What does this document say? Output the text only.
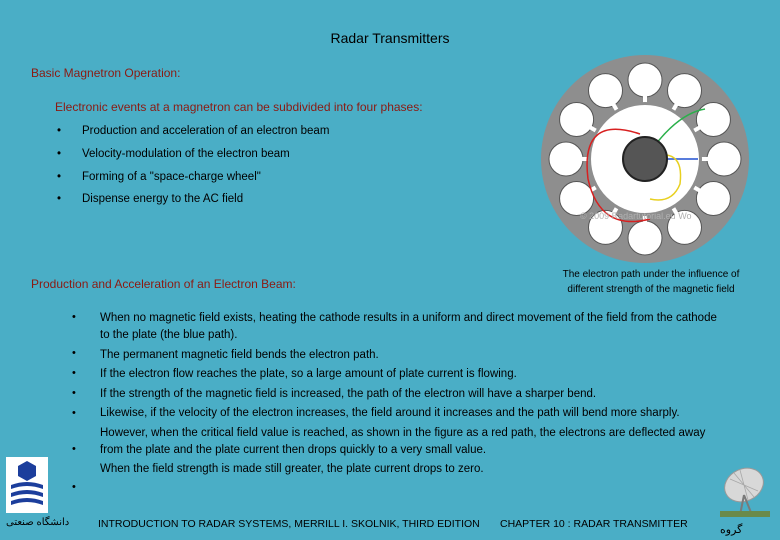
Radar Transmitters
Basic Magnetron Operation:
Electronic events at a magnetron can be subdivided into four phases:
•	Production and acceleration of an electron beam
•	Velocity-modulation of the electron beam
•	Forming of a "space-charge wheel"
•	Dispense energy to the AC field
© 2009 Radartutorial.eu Wo
The electron path under the influence of different strength of the magnetic field
Production and Acceleration of an Electron Beam:
•
•
•
•
•
•
•

When no magnetic field exists, heating the cathode results in a uniform and direct movement of the field from the cathode to the plate (the blue path).

The permanent magnetic field bends the electron path.

If the electron flow reaches the plate, so a large amount of plate current is flowing.

If the strength of the magnetic field is increased, the path of the electron will have a sharper bend.

Likewise, if the velocity of the electron increases, the field around it increases and the path will bend more sharply.

However, when the critical field value is reached, as shown in the figure as a red path, the electrons are deflected away from the plate and the plate current then drops quickly to a very small value.

When the field strength is made still greater, the plate current drops to zero.

دانشگاه صنعتی	INTRODUCTION TO RADAR SYSTEMS, MERRILL I. SKOLNIK, THIRD EDITION CHAPTER 10 : RADAR TRANSMITTER	گروه
